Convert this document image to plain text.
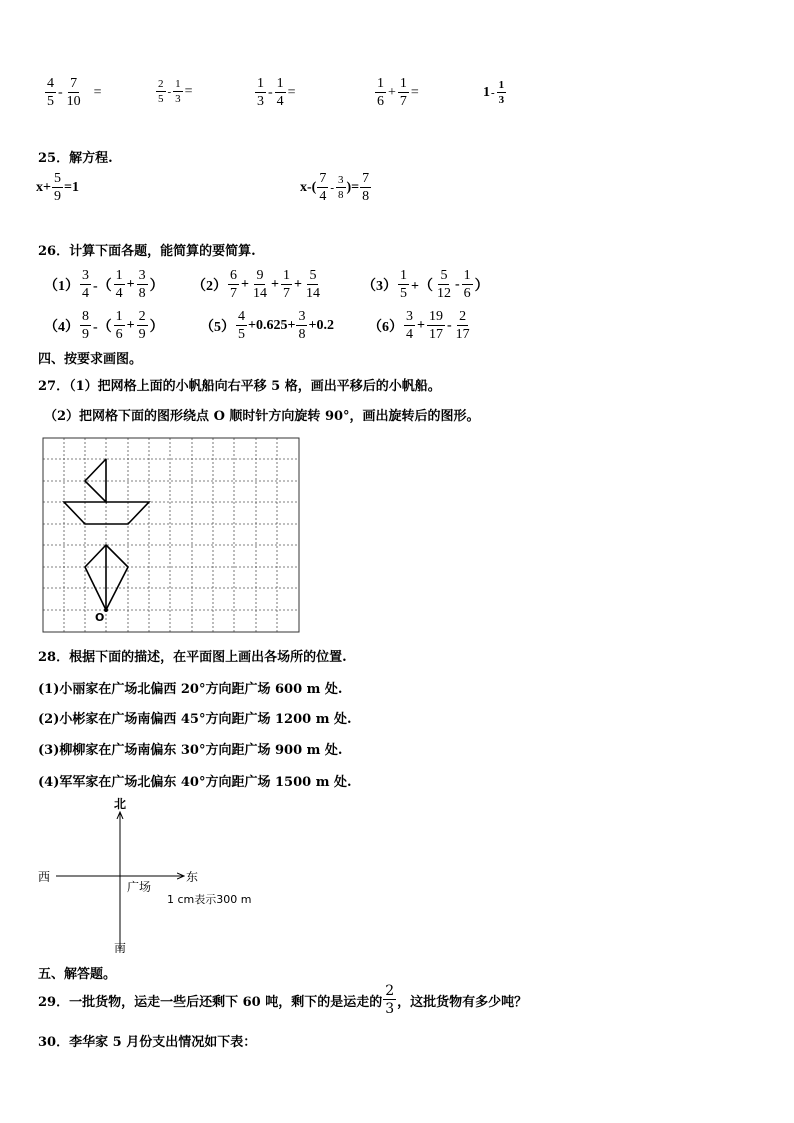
$\frac{4}{5} - \frac{7}{10}$ =	$\frac{2}{5} - \frac{1}{3}$ =	$\frac{1}{3} - \frac{1}{4}$ =	$\frac{1}{6} + \frac{1}{7}$ =	$1 - \frac{1}{3}$
25．解方程.
$x+ \frac{5}{9} =1$	$x-( \frac{7}{4} - \frac{3}{8}$ )= $\frac{7}{8}$
26．计算下面各题，能简算的要简算.
$(1) \frac{3}{4}$ -（ $\frac{1}{4} + \frac{3}{8}$ ） $(2) \frac{6}{7} + \frac{9}{14} + \frac{1}{7} + \frac{5}{14}$	$(3) \frac{1}{5}$ +（ $\frac{5}{12} - \frac{1}{6}$ ）
$(4) \frac{8}{9}$ -（ $\frac{1}{6} + \frac{2}{9}$ ）	$(5) \frac{4}{5} +0.625+ \frac{3}{8} +0.2$ $(6) \frac{3}{4} + \frac{19}{17} - \frac{2}{17}$
四、按要求画图。
27．（1）把网格上面的小帆船向右平移 5 格，画出平移后的小帆船。
（2）把网格下面的图形绕点 O 顺时针方向旋转 90°，画出旋转后的图形。
O
28．根据下面的描述，在平面图上画出各场所的位置.
(1)小丽家在广场北偏西 20°方向距广场 600 m 处.
(2)小彬家在广场南偏西 45°方向距广场 1200 m 处.
(3)柳柳家在广场南偏东 30°方向距广场 900 m 处.
(4)军军家在广场北偏东 40°方向距广场 1500 m 处.
北
南
西	东
广场
1 cm表示300 m
五、解答题。
29．一批货物，运走一些后还剩下 60 吨，剩下的是运走的 $\frac{2}{3}$ ，这批货物有多少吨？
30．李华家 5 月份支出情况如下表：
